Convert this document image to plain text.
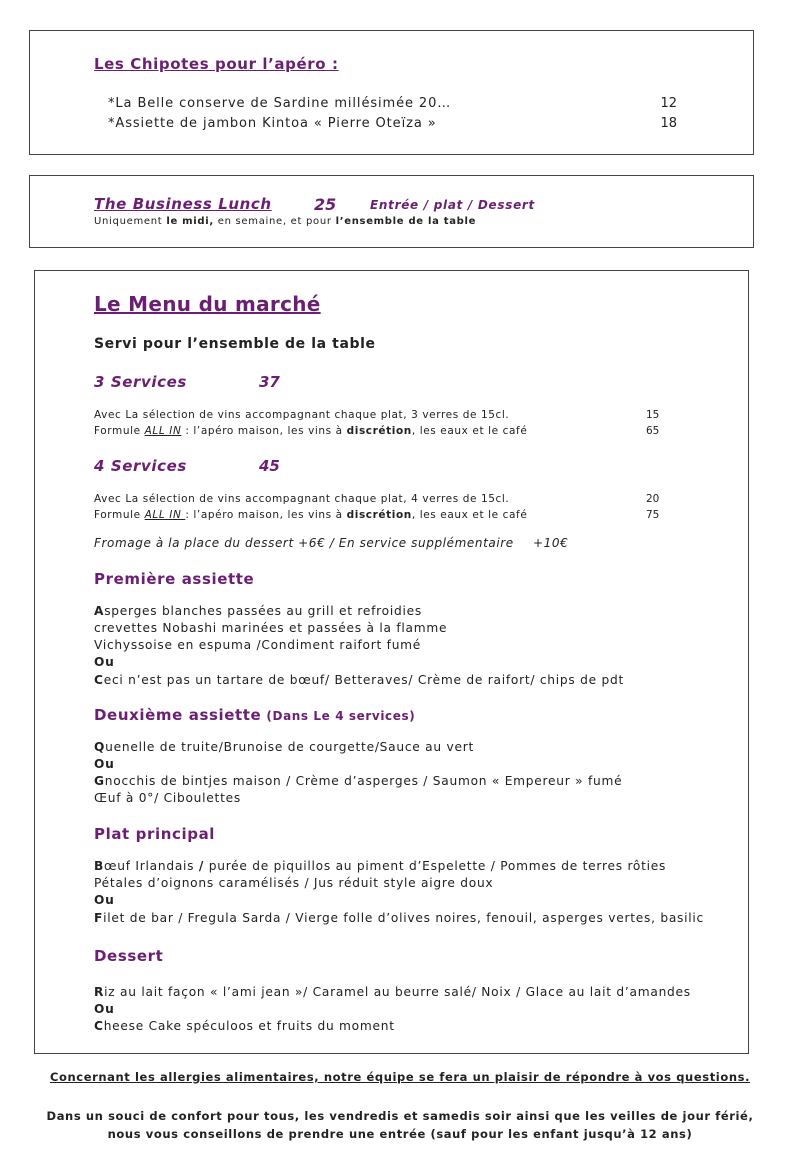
Les Chipotes pour l’apéro :
*La Belle conserve de Sardine millésimée 20…	12
*Assiette de jambon Kintoa « Pierre Oteïza »	18
The Business Lunch	25	Entrée / plat / Dessert
Uniquement le midi, en semaine, et pour l’ensemble de la table
Le Menu du marché
Servi pour l’ensemble de la table
3 Services	37
Avec La sélection de vins accompagnant chaque plat, 3 verres de 15cl.	15
Formule ALL IN : l’apéro maison, les vins à discrétion, les eaux et le café	65
4 Services	45
Avec La sélection de vins accompagnant chaque plat, 4 verres de 15cl.	20
Formule ALL IN : l’apéro maison, les vins à discrétion, les eaux et le café	75
Fromage à la place du dessert +6€ / En service supplémentaire +10€
Première assiette
Asperges blanches passées au grill et refroidies
crevettes Nobashi marinées et passées à la flamme
Vichyssoise en espuma /Condiment raifort fumé
Ou
Ceci n’est pas un tartare de bœuf/ Betteraves/ Crème de raifort/ chips de pdt
Deuxième assiette (Dans Le 4 services)
Quenelle de truite/Brunoise de courgette/Sauce au vert
Ou
Gnocchis de bintjes maison / Crème d’asperges / Saumon « Empereur » fumé
Œuf à 0°/ Ciboulettes
Plat principal
Bœuf Irlandais / purée de piquillos au piment d’Espelette / Pommes de terres rôties
Pétales d’oignons caramélisés / Jus réduit style aigre doux
Ou
Filet de bar / Fregula Sarda / Vierge folle d’olives noires, fenouil, asperges vertes, basilic
Dessert
Riz au lait façon « l’ami jean »/ Caramel au beurre salé/ Noix / Glace au lait d’amandes
Ou
Cheese Cake spéculoos et fruits du moment
Concernant les allergies alimentaires, notre équipe se fera un plaisir de répondre à vos questions.
Dans un souci de confort pour tous, les vendredis et samedis soir ainsi que les veilles de jour férié,
nous vous conseillons de prendre une entrée (sauf pour les enfant jusqu’à 12 ans)
